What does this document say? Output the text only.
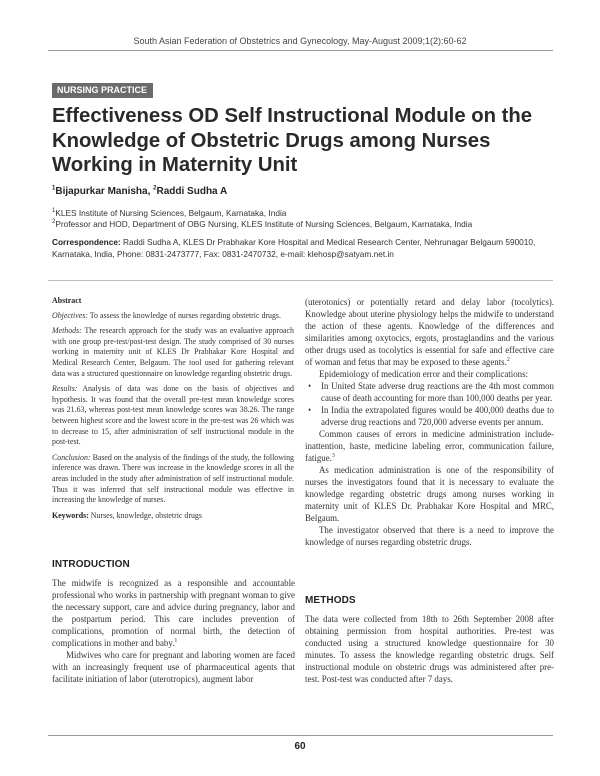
South Asian Federation of Obstetrics and Gynecology, May-August 2009;1(2):60-62
NURSING PRACTICE
Effectiveness OD Self Instructional Module on the Knowledge of Obstetric Drugs among Nurses Working in Maternity Unit
$^1$Bijapurkar Manisha, $^2$Raddi Sudha A
$^1$KLES Institute of Nursing Sciences, Belgaum, Karnataka, India
$^2$Professor and HOD, Department of OBG Nursing, KLES Institute of Nursing Sciences, Belgaum, Karnataka, India
Correspondence: Raddi Sudha A, KLES Dr Prabhakar Kore Hospital and Medical Research Center, Nehrunagar Belgaum 590010, Karnataka, India, Phone: 0831-2473777, Fax: 0831-2470732, e-mail: klehosp@satyam.net.in

Abstract

Objectives: To assess the knowledge of nurses regarding obstetric drugs.

Methods: The research approach for the study was an evaluative approach with one group pre-test/post-test design. The study comprised of 30 nurses working in maternity unit of KLES Dr Prabhakar Kore Hospital and Medical Research Center, Belgaum. The tool used for gathering relevant data was a structured questionnaire on knowledge regarding obstetric drugs.

Results: Analysis of data was done on the basis of objectives and hypothesis. It was found that the overall pre-test mean knowledge scores was 21.63, whereas post-test mean knowledge scores was 38.26. The range between highest score and the lowest score in the pre-test was 26 which was to decrease to 15, after administration of self instructional module in the post-test.

Conclusion: Based on the analysis of the findings of the study, the following inference was drawn. There was increase in the knowledge scores in all the areas included in the study after administration of self instructional module. Thus it was inferred that self instructional module was effective in increasing the knowledge of nurses.

Keywords: Nurses, knowledge, obstetric drugs

INTRODUCTION

The midwife is recognized as a responsible and accountable professional who works in partnership with pregnant woman to give the necessary support, care and advice during pregnancy, labor and the postpartum period. This care includes prevention of complications, promotion of normal birth, the detection of complications in mother and baby.$^1$

Midwives who care for pregnant and laboring women are faced with an increasingly frequent use of pharmaceutical agents that facilitate initiation of labor (uterotropics), augment labor

(uterotonics) or potentially retard and delay labor (tocolytics). Knowledge about uterine physiology helps the midwife to understand the action of these agents. Knowledge of the differences and similarities among oxytocics, ergots, prostaglandins and the various other drugs used as tocolytics is essential for safe and effective care of woman and fetus that may be exposed to these agents.$^2$

Epidemiology of medication error and their complications:

• In United State adverse drug reactions are the 4th most common cause of death accounting for more than 100,000 deaths per year.
• In India the extrapolated figures would be 400,000 deaths due to adverse drug reactions and 720,000 adverse events per annum.

Common causes of errors in medicine administration include- inattention, haste, medicine labeling error, communication failure, fatigue.$^3$

As medication administration is one of the responsibility of nurses the investigators found that it is necessary to evaluate the knowledge regarding obstetric drugs among nurses working in maternity unit of KLES Dr. Prabhakar Kore Hospital and MRC, Belgaum.

The investigator observed that there is a need to improve the knowledge of nurses regarding obstetric drugs.

METHODS

The data were collected from 18th to 26th September 2008 after obtaining permission from hospital authorities. Pre-test was conducted using a structured knowledge questionnaire for 30 minutes. To assess the knowledge regarding obstetric drugs. Self instructional module on obstetric drugs was administered after pre-test. Post-test was conducted after 7 days.

60
